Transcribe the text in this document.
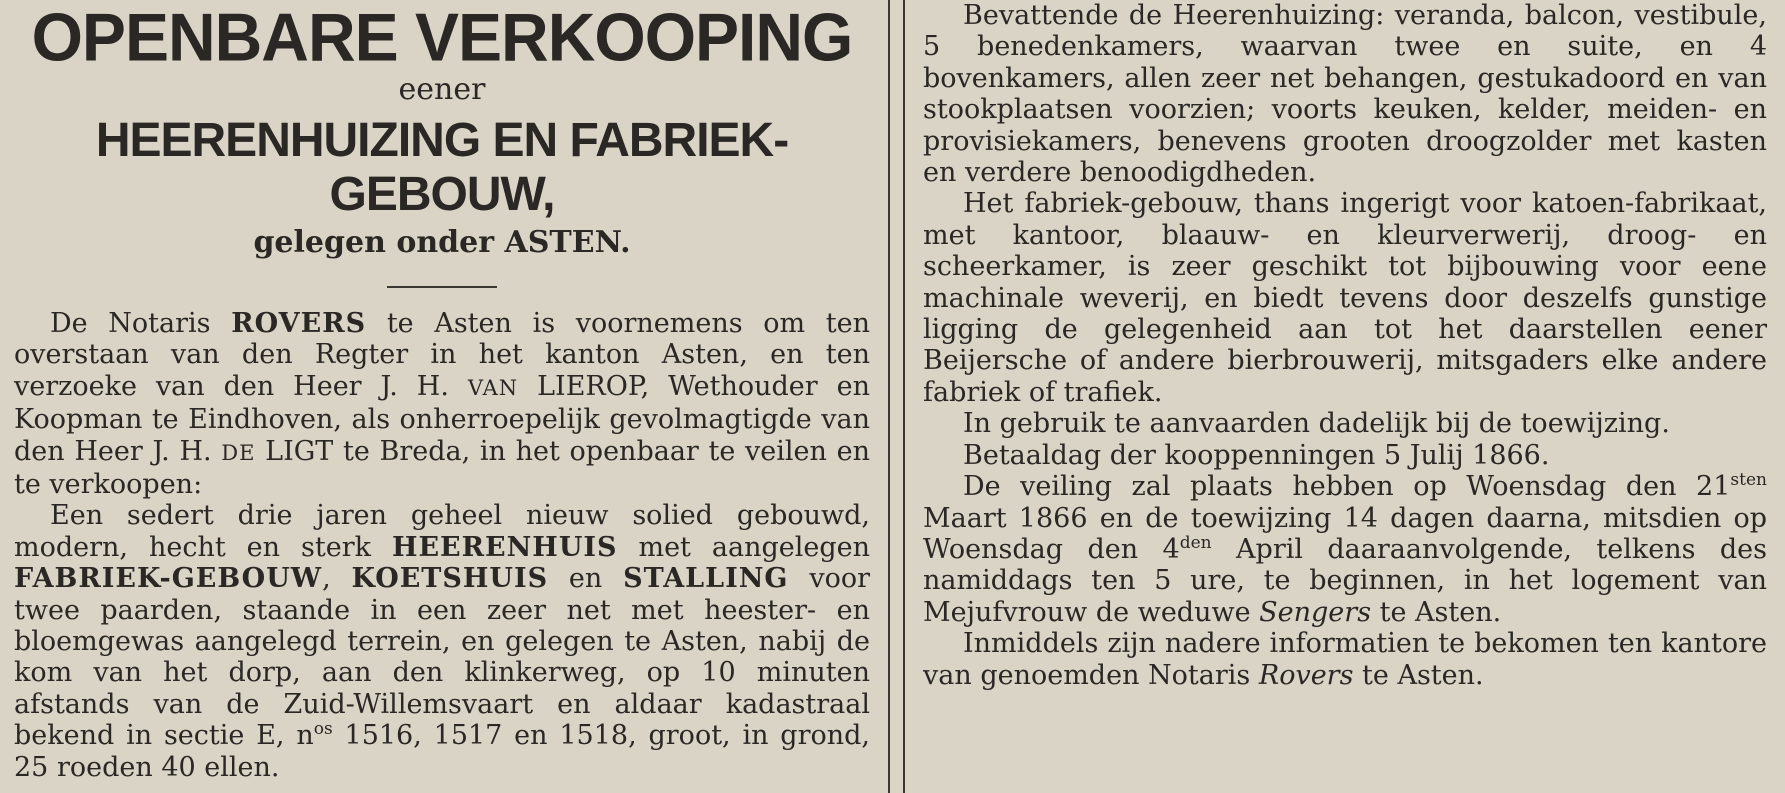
OPENBARE VERKOOPING

eener

HEERENHUIZING EN FABRIEK-GEBOUW,

gelegen onder ASTEN.

De Notaris ROVERS te Asten is voornemens om ten overstaan van den Regter in het kanton Asten, en ten verzoeke van den Heer J. H. VAN LIEROP, Wethouder en Koopman te Eindhoven, als onherroepelijk gevolmagtigde van den Heer J. H. DE LIGT te Breda, in het openbaar te veilen en te verkoopen:

Een sedert drie jaren geheel nieuw solied gebouwd, modern, hecht en sterk HEERENHUIS met aangelegen FABRIEK-GEBOUW, KOETSHUIS en STALLING voor twee paarden, staande in een zeer net met heester- en bloemgewas aangelegd terrein, en gelegen te Asten, nabij de kom van het dorp, aan den klinkerweg, op 10 minuten afstands van de Zuid-Willemsvaart en aldaar kadastraal bekend in sectie E, $n^{os}$ 1516, 1517 en 1518, groot, in grond, 25 roeden 40 ellen.

Bevattende de Heerenhuizing: veranda, balcon, vestibule, 5 benedenkamers, waarvan twee en suite, en 4 bovenkamers, allen zeer net behangen, gestukadoord en van stookplaatsen voorzien; voorts keuken, kelder, meiden- en provisiekamers, benevens grooten droogzolder met kasten en verdere benoodigdheden.

Het fabriek-gebouw, thans ingerigt voor katoen-fabrikaat, met kantoor, blaauw- en kleurverwerij, droog- en scheerkamer, is zeer geschikt tot bijbouwing voor eene machinale weverij, en biedt tevens door deszelfs gunstige ligging de gelegenheid aan tot het daarstellen eener Beijersche of andere bierbrouwerij, mitsgaders elke andere fabriek of trafiek.

In gebruik te aanvaarden dadelijk bij de toewijzing.

Betaaldag der kooppenningen 5 Julij 1866.

De veiling zal plaats hebben op Woensdag den $21^{sten}$ Maart 1866 en de toewijzing 14 dagen daarna, mitsdien op Woensdag den $4^{den}$ April daaraanvolgende, telkens des namiddags ten 5 ure, te beginnen, in het logement van Mejufvrouw de weduwe Sengers te Asten.

Inmiddels zijn nadere informatien te bekomen ten kantore van genoemden Notaris Rovers te Asten.
